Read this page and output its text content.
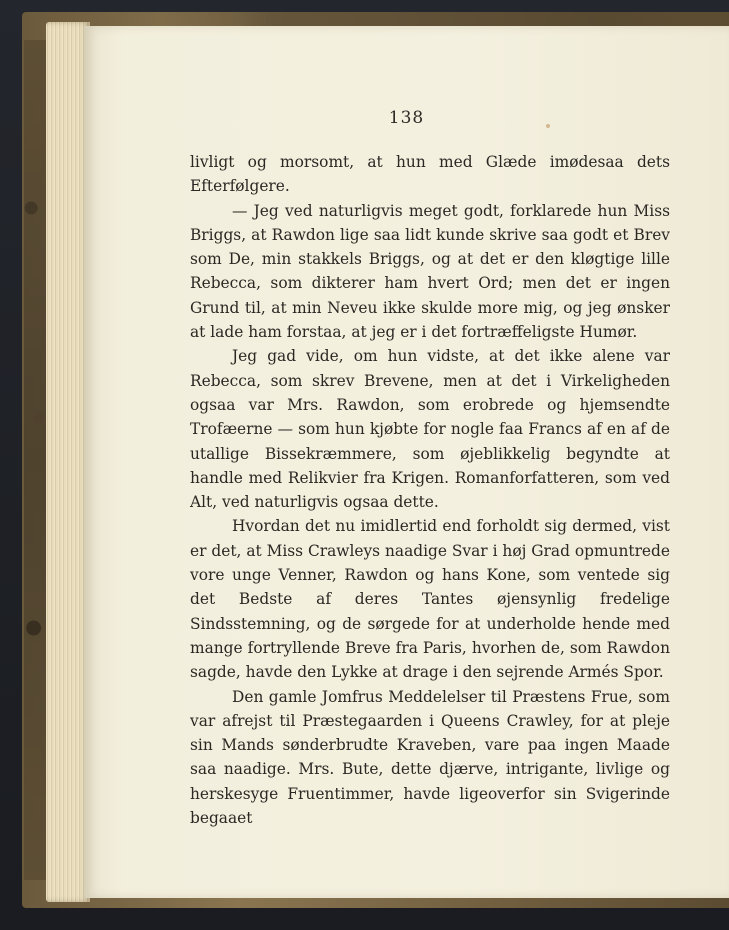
138

livligt og morsomt, at hun med Glæde imødesaa dets Efterfølgere.

— Jeg ved naturligvis meget godt, forklarede hun Miss Briggs, at Rawdon lige saa lidt kunde skrive saa godt et Brev som De, min stakkels Briggs, og at det er den kløgtige lille Rebecca, som dikterer ham hvert Ord; men det er ingen Grund til, at min Neveu ikke skulde more mig, og jeg ønsker at lade ham forstaa, at jeg er i det fortræffeligste Humør.

Jeg gad vide, om hun vidste, at det ikke alene var Rebecca, som skrev Brevene, men at det i Virkeligheden ogsaa var Mrs. Rawdon, som erobrede og hjemsendte Trofæerne — som hun kjøbte for nogle faa Francs af en af de utallige Bissekræmmere, som øjeblikkelig begyndte at handle med Relikvier fra Krigen. Romanforfatteren, som ved Alt, ved naturligvis ogsaa dette.

Hvordan det nu imidlertid end forholdt sig dermed, vist er det, at Miss Crawleys naadige Svar i høj Grad opmuntrede vore unge Venner, Rawdon og hans Kone, som ventede sig det Bedste af deres Tantes øjensynlig fredelige Sindsstemning, og de sørgede for at underholde hende med mange fortryllende Breve fra Paris, hvorhen de, som Rawdon sagde, havde den Lykke at drage i den sejrende Armés Spor.

Den gamle Jomfrus Meddelelser til Præstens Frue, som var afrejst til Præstegaarden i Queens Crawley, for at pleje sin Mands sønderbrudte Kraveben, vare paa ingen Maade saa naadige. Mrs. Bute, dette djærve, intrigante, livlige og herskesyge Fruentimmer, havde ligeoverfor sin Svigerinde begaaet
